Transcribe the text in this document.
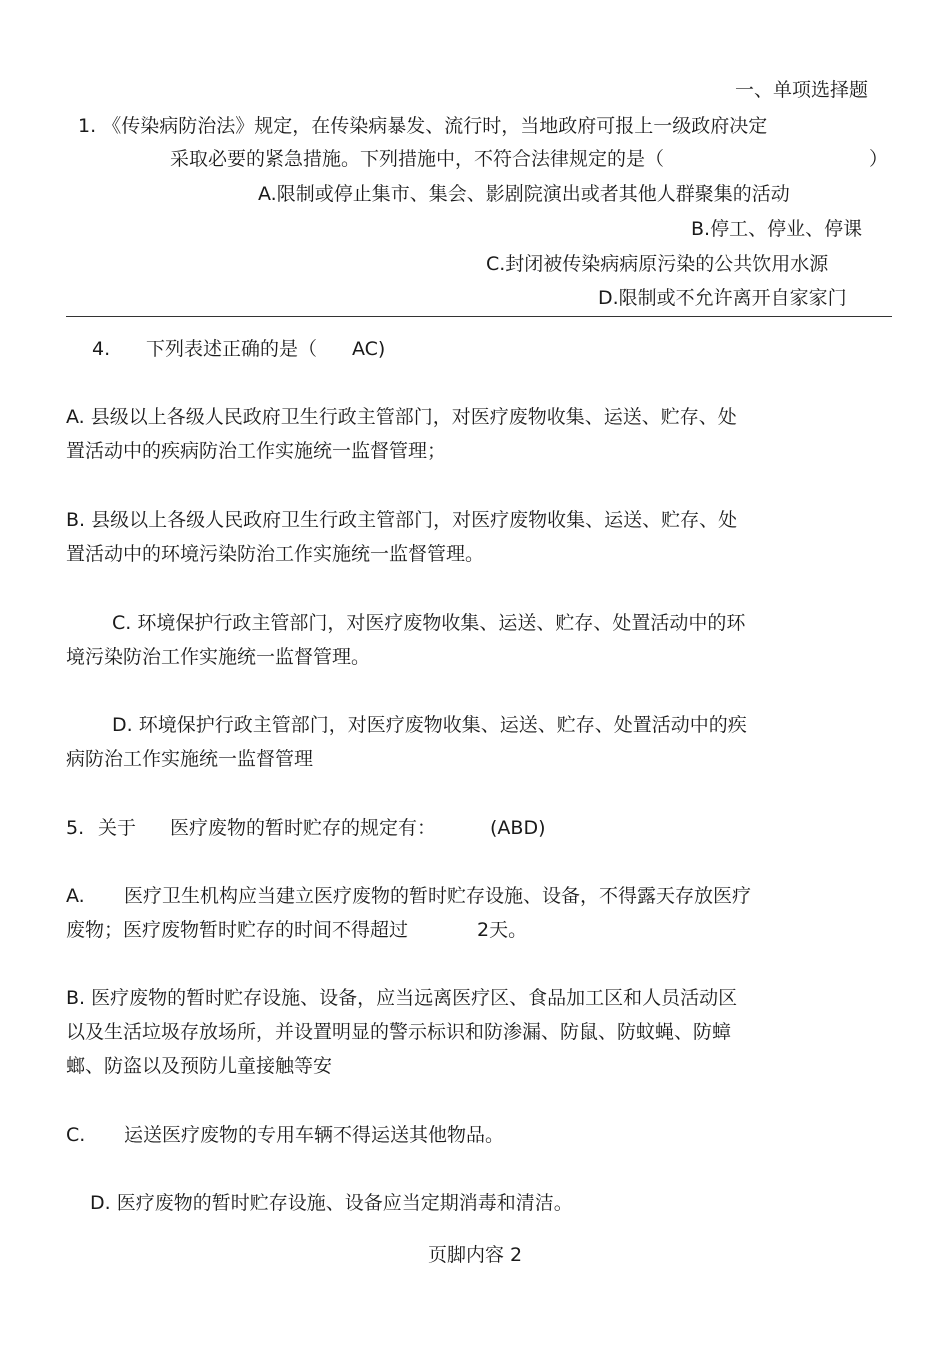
一、单项选择题
1. 《传染病防治法》规定，在传染病暴发、流行时，当地政府可报上一级政府决定
采取必要的紧急措施。下列措施中，不符合法律规定的是（	）
A.限制或停止集市、集会、影剧院演出或者其他人群聚集的活动
B.停工、停业、停课
C.封闭被传染病病原污染的公共饮用水源
D.限制或不允许离开自家家门
4. 下列表述正确的是（ AC)
A. 县级以上各级人民政府卫生行政主管部门，对医疗废物收集、运送、贮存、处
置活动中的疾病防治工作实施统一监督管理；
B. 县级以上各级人民政府卫生行政主管部门，对医疗废物收集、运送、贮存、处
置活动中的环境污染防治工作实施统一监督管理。
C. 环境保护行政主管部门，对医疗废物收集、运送、贮存、处置活动中的环
境污染防治工作实施统一监督管理。
D. 环境保护行政主管部门，对医疗废物收集、运送、贮存、处置活动中的疾
病防治工作实施统一监督管理
5. 关于 医疗废物的暂时贮存的规定有：	(ABD)
A. 医疗卫生机构应当建立医疗废物的暂时贮存设施、设备，不得露天存放医疗
废物；医疗废物暂时贮存的时间不得超过	2天。
B. 医疗废物的暂时贮存设施、设备，应当远离医疗区、食品加工区和人员活动区
以及生活垃圾存放场所，并设置明显的警示标识和防渗漏、防鼠、防蚊蝇、防蟑
螂、防盗以及预防儿童接触等安
C. 运送医疗废物的专用车辆不得运送其他物品。
D. 医疗废物的暂时贮存设施、设备应当定期消毒和清洁。
页脚内容 2
